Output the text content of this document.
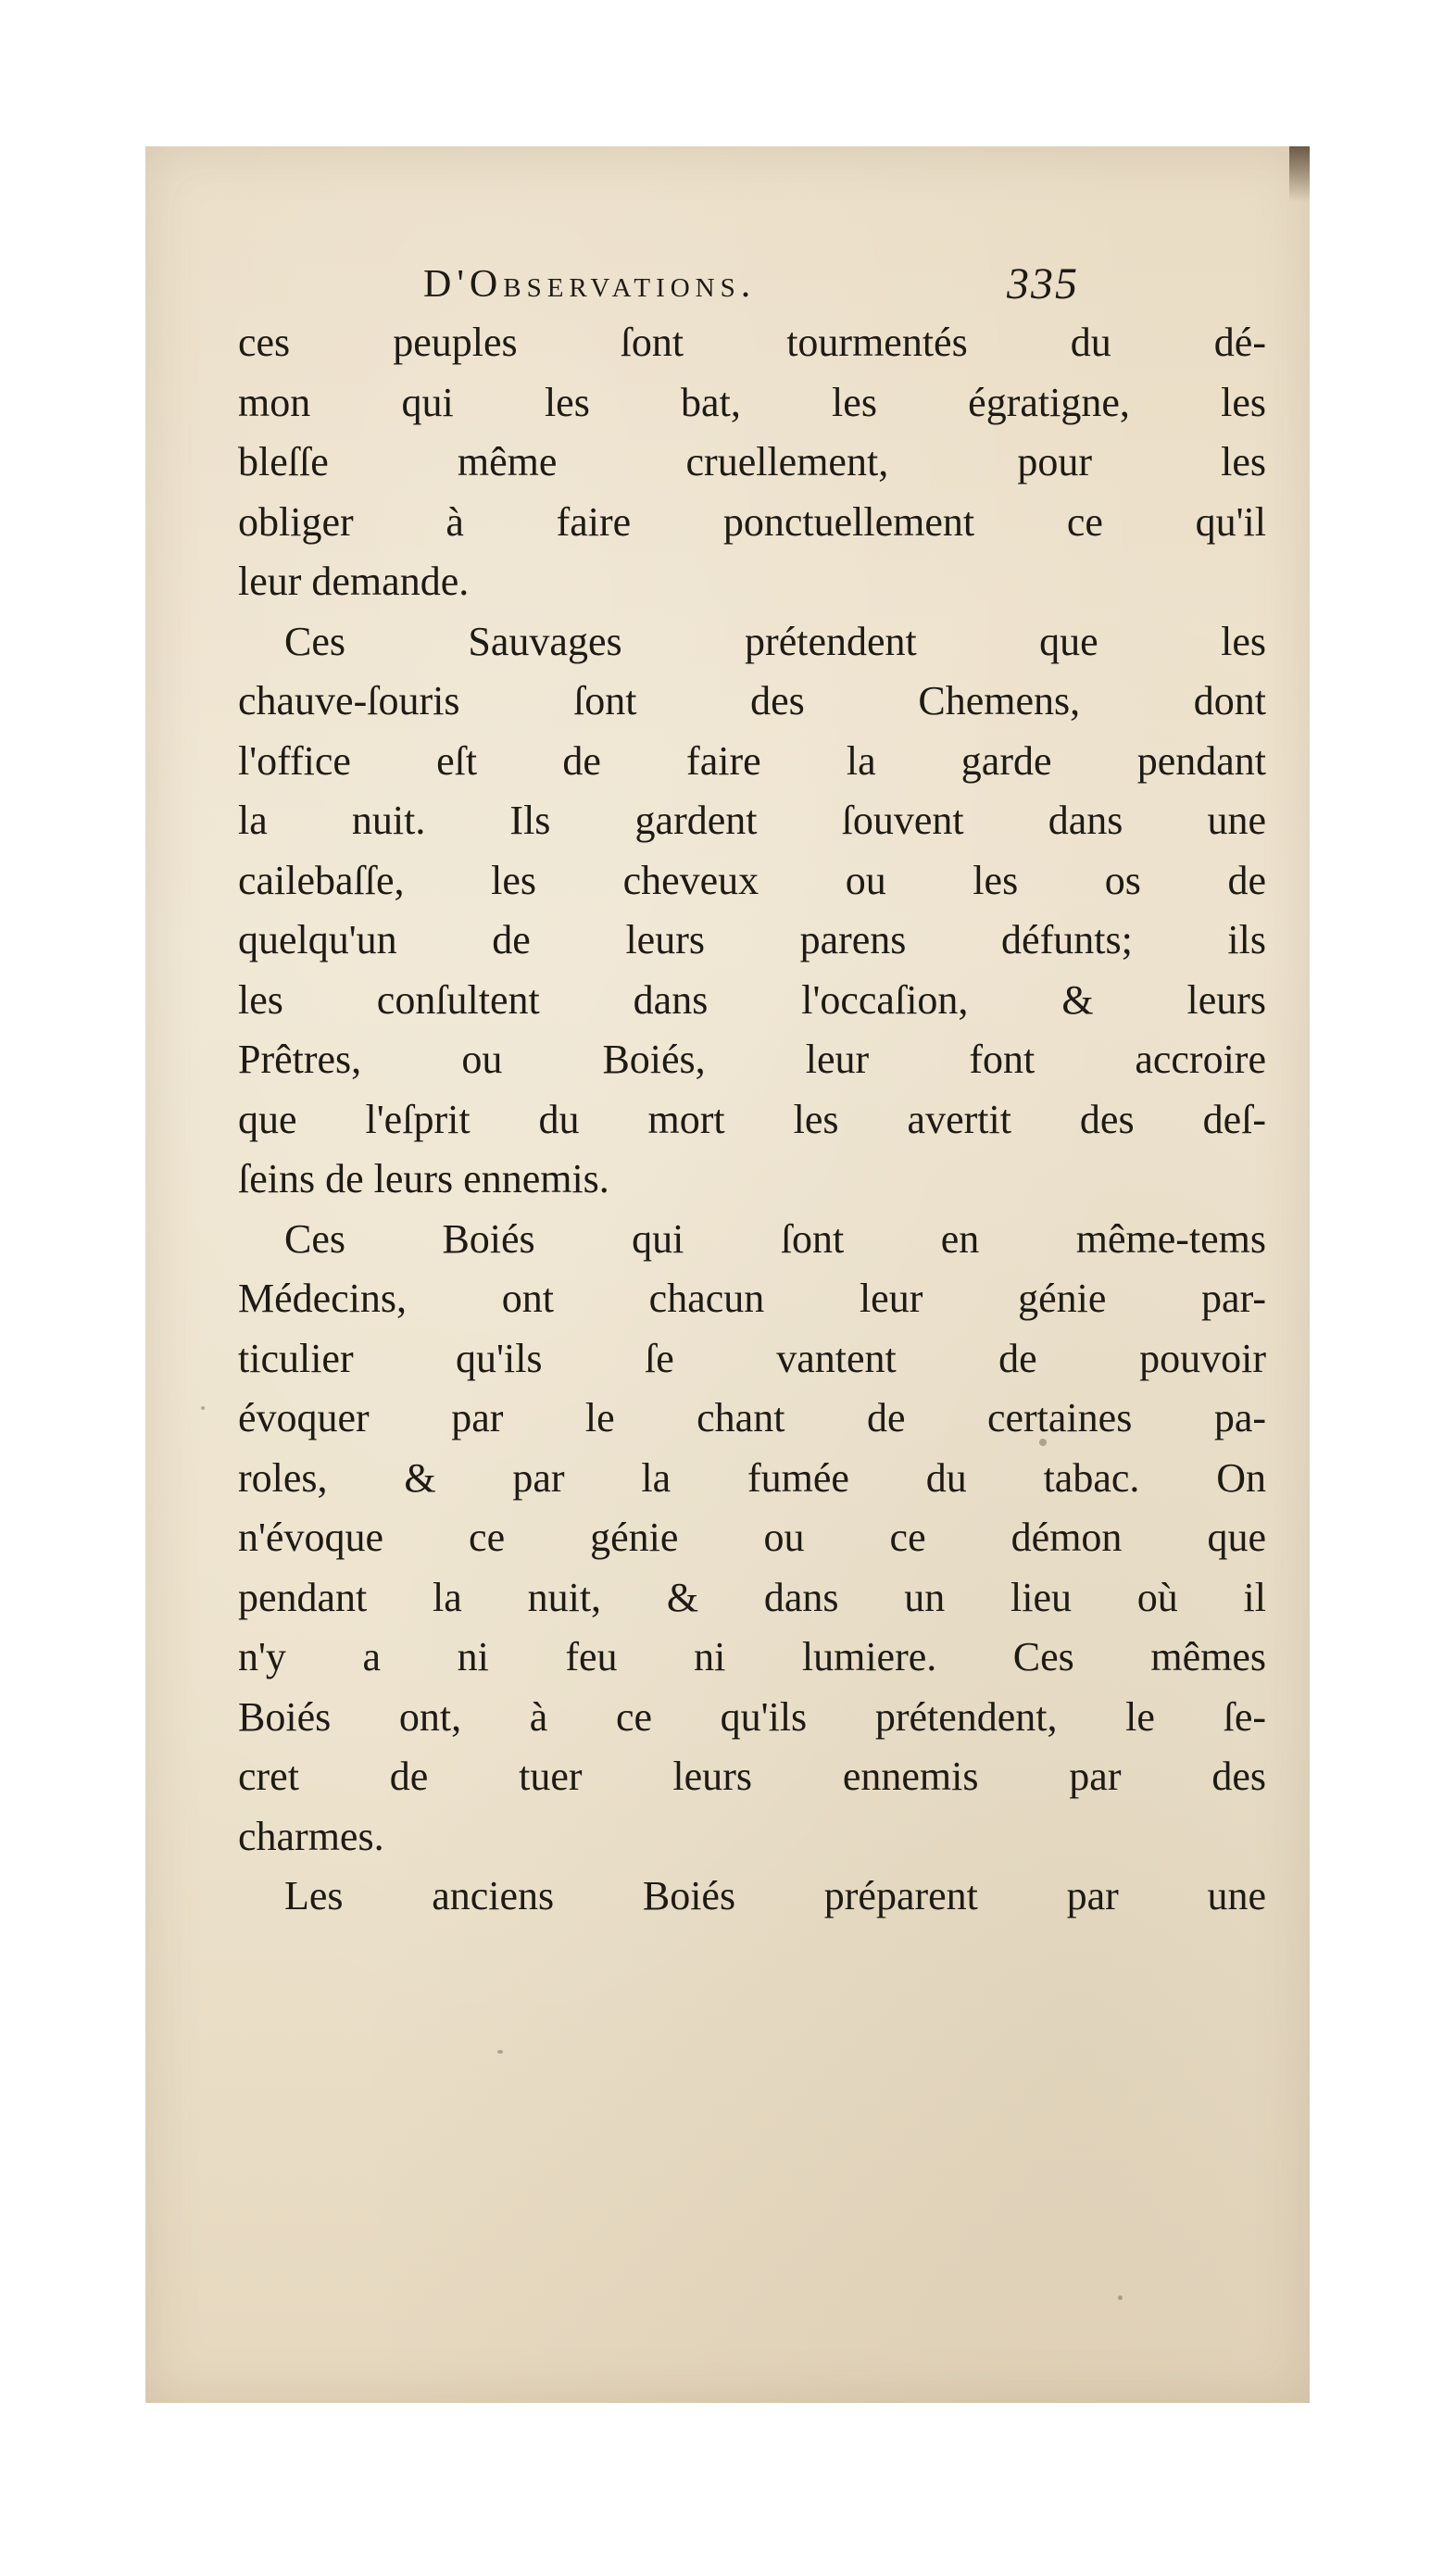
D'Observations.	335
ces peuples ſont tourmentés du dé-
mon qui les bat, les égratigne, les
bleſſe même cruellement, pour les
obliger à faire ponctuellement ce qu'il
leur demande.
Ces Sauvages prétendent que les
chauve-ſouris ſont des Chemens, dont
l'office eſt de faire la garde pendant
la nuit. Ils gardent ſouvent dans une
cailebaſſe, les cheveux ou les os de
quelqu'un de leurs parens défunts; ils
les conſultent dans l'occaſion, & leurs
Prêtres, ou Boiés, leur font accroire
que l'eſprit du mort les avertit des deſ-
ſeins de leurs ennemis.
Ces Boiés qui ſont en même-tems
Médecins, ont chacun leur génie par-
ticulier qu'ils ſe vantent de pouvoir
évoquer par le chant de certaines pa-
roles, & par la fumée du tabac. On
n'évoque ce génie ou ce démon que
pendant la nuit, & dans un lieu où il
n'y a ni feu ni lumiere. Ces mêmes
Boiés ont, à ce qu'ils prétendent, le ſe-
cret de tuer leurs ennemis par des
charmes.
Les anciens Boiés préparent par une
